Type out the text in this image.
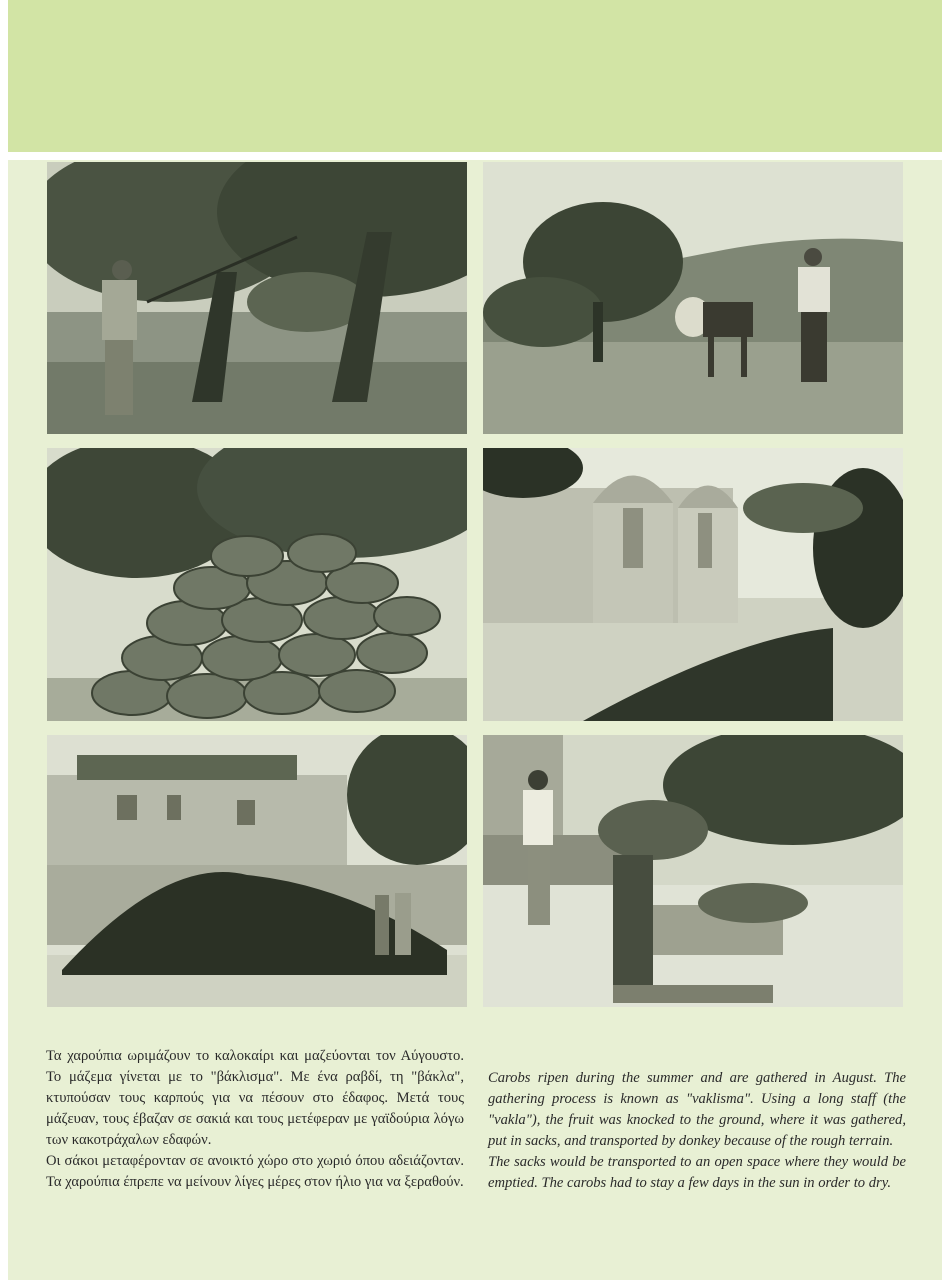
Τα χαρούπια ωριμάζουν το καλοκαίρι και μαζεύονται τον Αύγουστο. Το μάζεμα γίνεται με το "βάκλισμα". Με ένα ραβδί, τη "βάκλα", κτυπούσαν τους καρπούς για να πέσουν στο έδαφος. Μετά τους μάζευαν, τους έβαζαν σε σακιά και τους μετέφεραν με γαϊδούρια λόγω των κακοτράχαλων εδαφών.

Οι σάκοι μεταφέρονταν σε ανοικτό χώρο στο χωριό όπου αδειάζονταν. Τα χαρούπια έπρεπε να μείνουν λίγες μέρες στον ήλιο για να ξεραθούν.

Carobs ripen during the summer and are gathered in August. The gathering process is known as "vaklisma". Using a long staff (the "vakla"), the fruit was knocked to the ground, where it was gathered, put in sacks, and transported by donkey because of the rough terrain.

The sacks would be transported to an open space where they would be emptied. The carobs had to stay a few days in the sun in order to dry.
